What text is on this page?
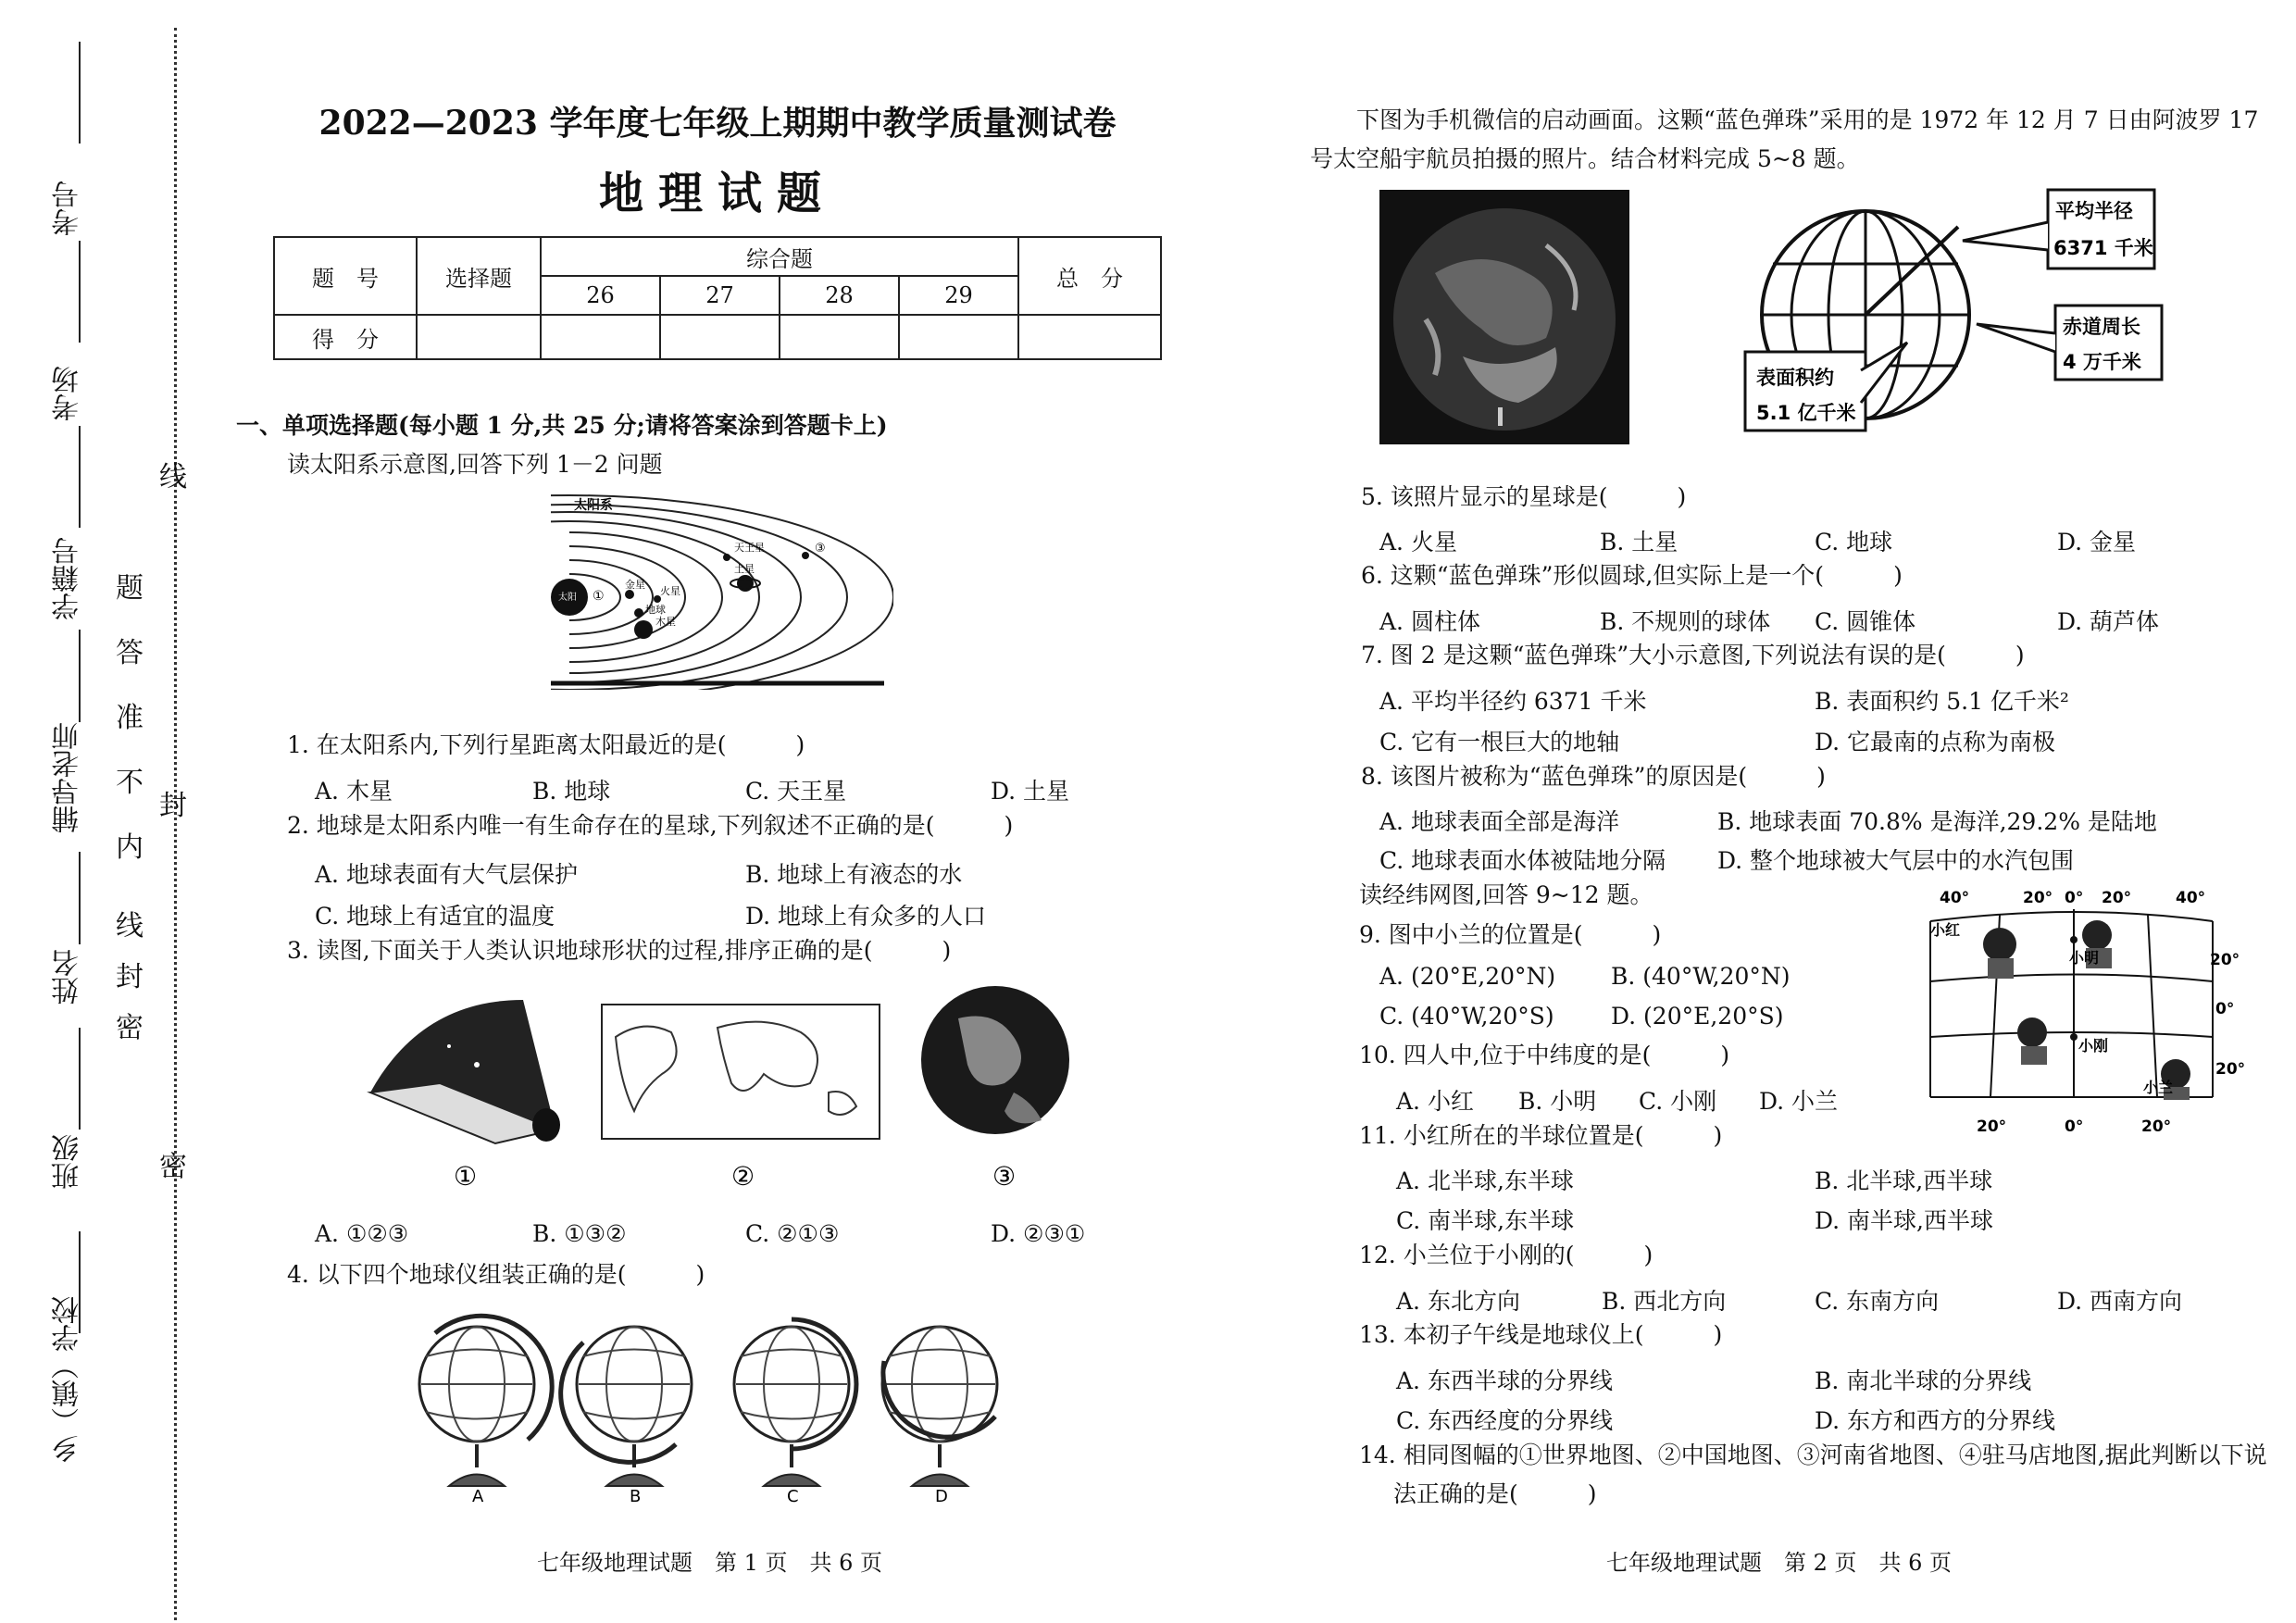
考号
考场
学籍号
辅导老师
姓名
班级
乡（镇）学校
线
封
密
密
封
线
内
不
准
答
题
2022—2023 学年度七年级上期期中教学质量测试卷
地理试题
题　号	选择题	综合题				总　分
		26	27	28	29	
得　分						
一、单项选择题(每小题 1 分,共 25 分;请将答案涂到答题卡上)
读太阳系示意图,回答下列 1－2 问题
太阳系
太阳 ①
金星
地球
火星
木星
土星
天王星	③
1. 在太阳系内,下列行星距离太阳最近的是(　　　)
A. 木星	B. 地球	C. 天王星	D. 土星
2. 地球是太阳系内唯一有生命存在的星球,下列叙述不正确的是(　　　)
A. 地球表面有大气层保护	B. 地球上有液态的水
C. 地球上有适宜的温度	D. 地球上有众多的人口
3. 读图,下面关于人类认识地球形状的过程,排序正确的是(　　　)
①	②	③
A. ①②③	B. ①③②	C. ②①③	D. ②③①
4. 以下四个地球仪组装正确的是(　　　)
A	B	C	D
七年级地理试题　第 1 页　共 6 页
下图为手机微信的启动画面。这颗“蓝色弹珠”采用的是 1972 年 12 月 7 日由阿波罗 17
号太空船宇航员拍摄的照片。结合材料完成 5~8 题。
平均半径
6371 千米
赤道周长
4 万千米
表面积约
5.1 亿千米
5. 该照片显示的星球是(　　　)
A. 火星	B. 土星	C. 地球	D. 金星
6. 这颗“蓝色弹珠”形似圆球,但实际上是一个(　　　)
A. 圆柱体	B. 不规则的球体 C. 圆锥体	D. 葫芦体
7. 图 2 是这颗“蓝色弹珠”大小示意图,下列说法有误的是(　　　)
A. 平均半径约 6371 千米	B. 表面积约 5.1 亿千米²
C. 它有一根巨大的地轴	D. 它最南的点称为南极
8. 该图片被称为“蓝色弹珠”的原因是(　　　)
A. 地球表面全部是海洋	B. 地球表面 70.8% 是海洋,29.2% 是陆地
C. 地球表面水体被陆地分隔 D. 整个地球被大气层中的水汽包围
读经纬网图,回答 9~12 题。	40°	20° 0° 20°	40°
20°	0°	20°
20°
0°
20°
小红
小明
小刚
小兰
9. 图中小兰的位置是(　　　)
A. (20°E,20°N) B. (40°W,20°N)
C. (40°W,20°S) D. (20°E,20°S)
10. 四人中,位于中纬度的是(　　　)
A. 小红 B. 小明 C. 小刚 D. 小兰
11. 小红所在的半球位置是(　　　)
A. 北半球,东半球	B. 北半球,西半球
C. 南半球,东半球	D. 南半球,西半球
12. 小兰位于小刚的(　　　)
A. 东北方向	B. 西北方向	C. 东南方向	D. 西南方向
13. 本初子午线是地球仪上(　　　)
A. 东西半球的分界线	B. 南北半球的分界线
C. 东西经度的分界线	D. 东方和西方的分界线
14. 相同图幅的①世界地图、②中国地图、③河南省地图、④驻马店地图,据此判断以下说
法正确的是(　　　)
七年级地理试题　第 2 页　共 6 页
